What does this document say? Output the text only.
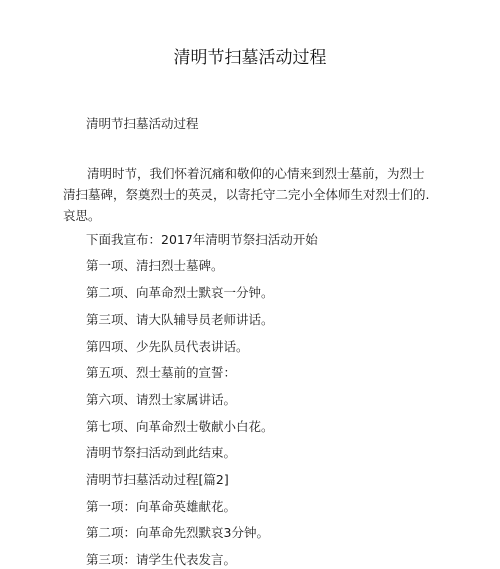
清明节扫墓活动过程

清明节扫墓活动过程

清明时节，我们怀着沉痛和敬仰的心情来到烈士墓前，为烈士清扫墓碑，祭奠烈士的英灵，以寄托守二完小全体师生对烈士们的. 哀思。

下面我宣布：2017年清明节祭扫活动开始

第一项、清扫烈士墓碑。

第二项、向革命烈士默哀一分钟。

第三项、请大队辅导员老师讲话。

第四项、少先队员代表讲话。

第五项、烈士墓前的宣誓：

第六项、请烈士家属讲话。

第七项、向革命烈士敬献小白花。

清明节祭扫活动到此结束。

清明节扫墓活动过程[篇2]

第一项：向革命英雄献花。

第二项：向革命先烈默哀3分钟。

第三项：请学生代表发言。
